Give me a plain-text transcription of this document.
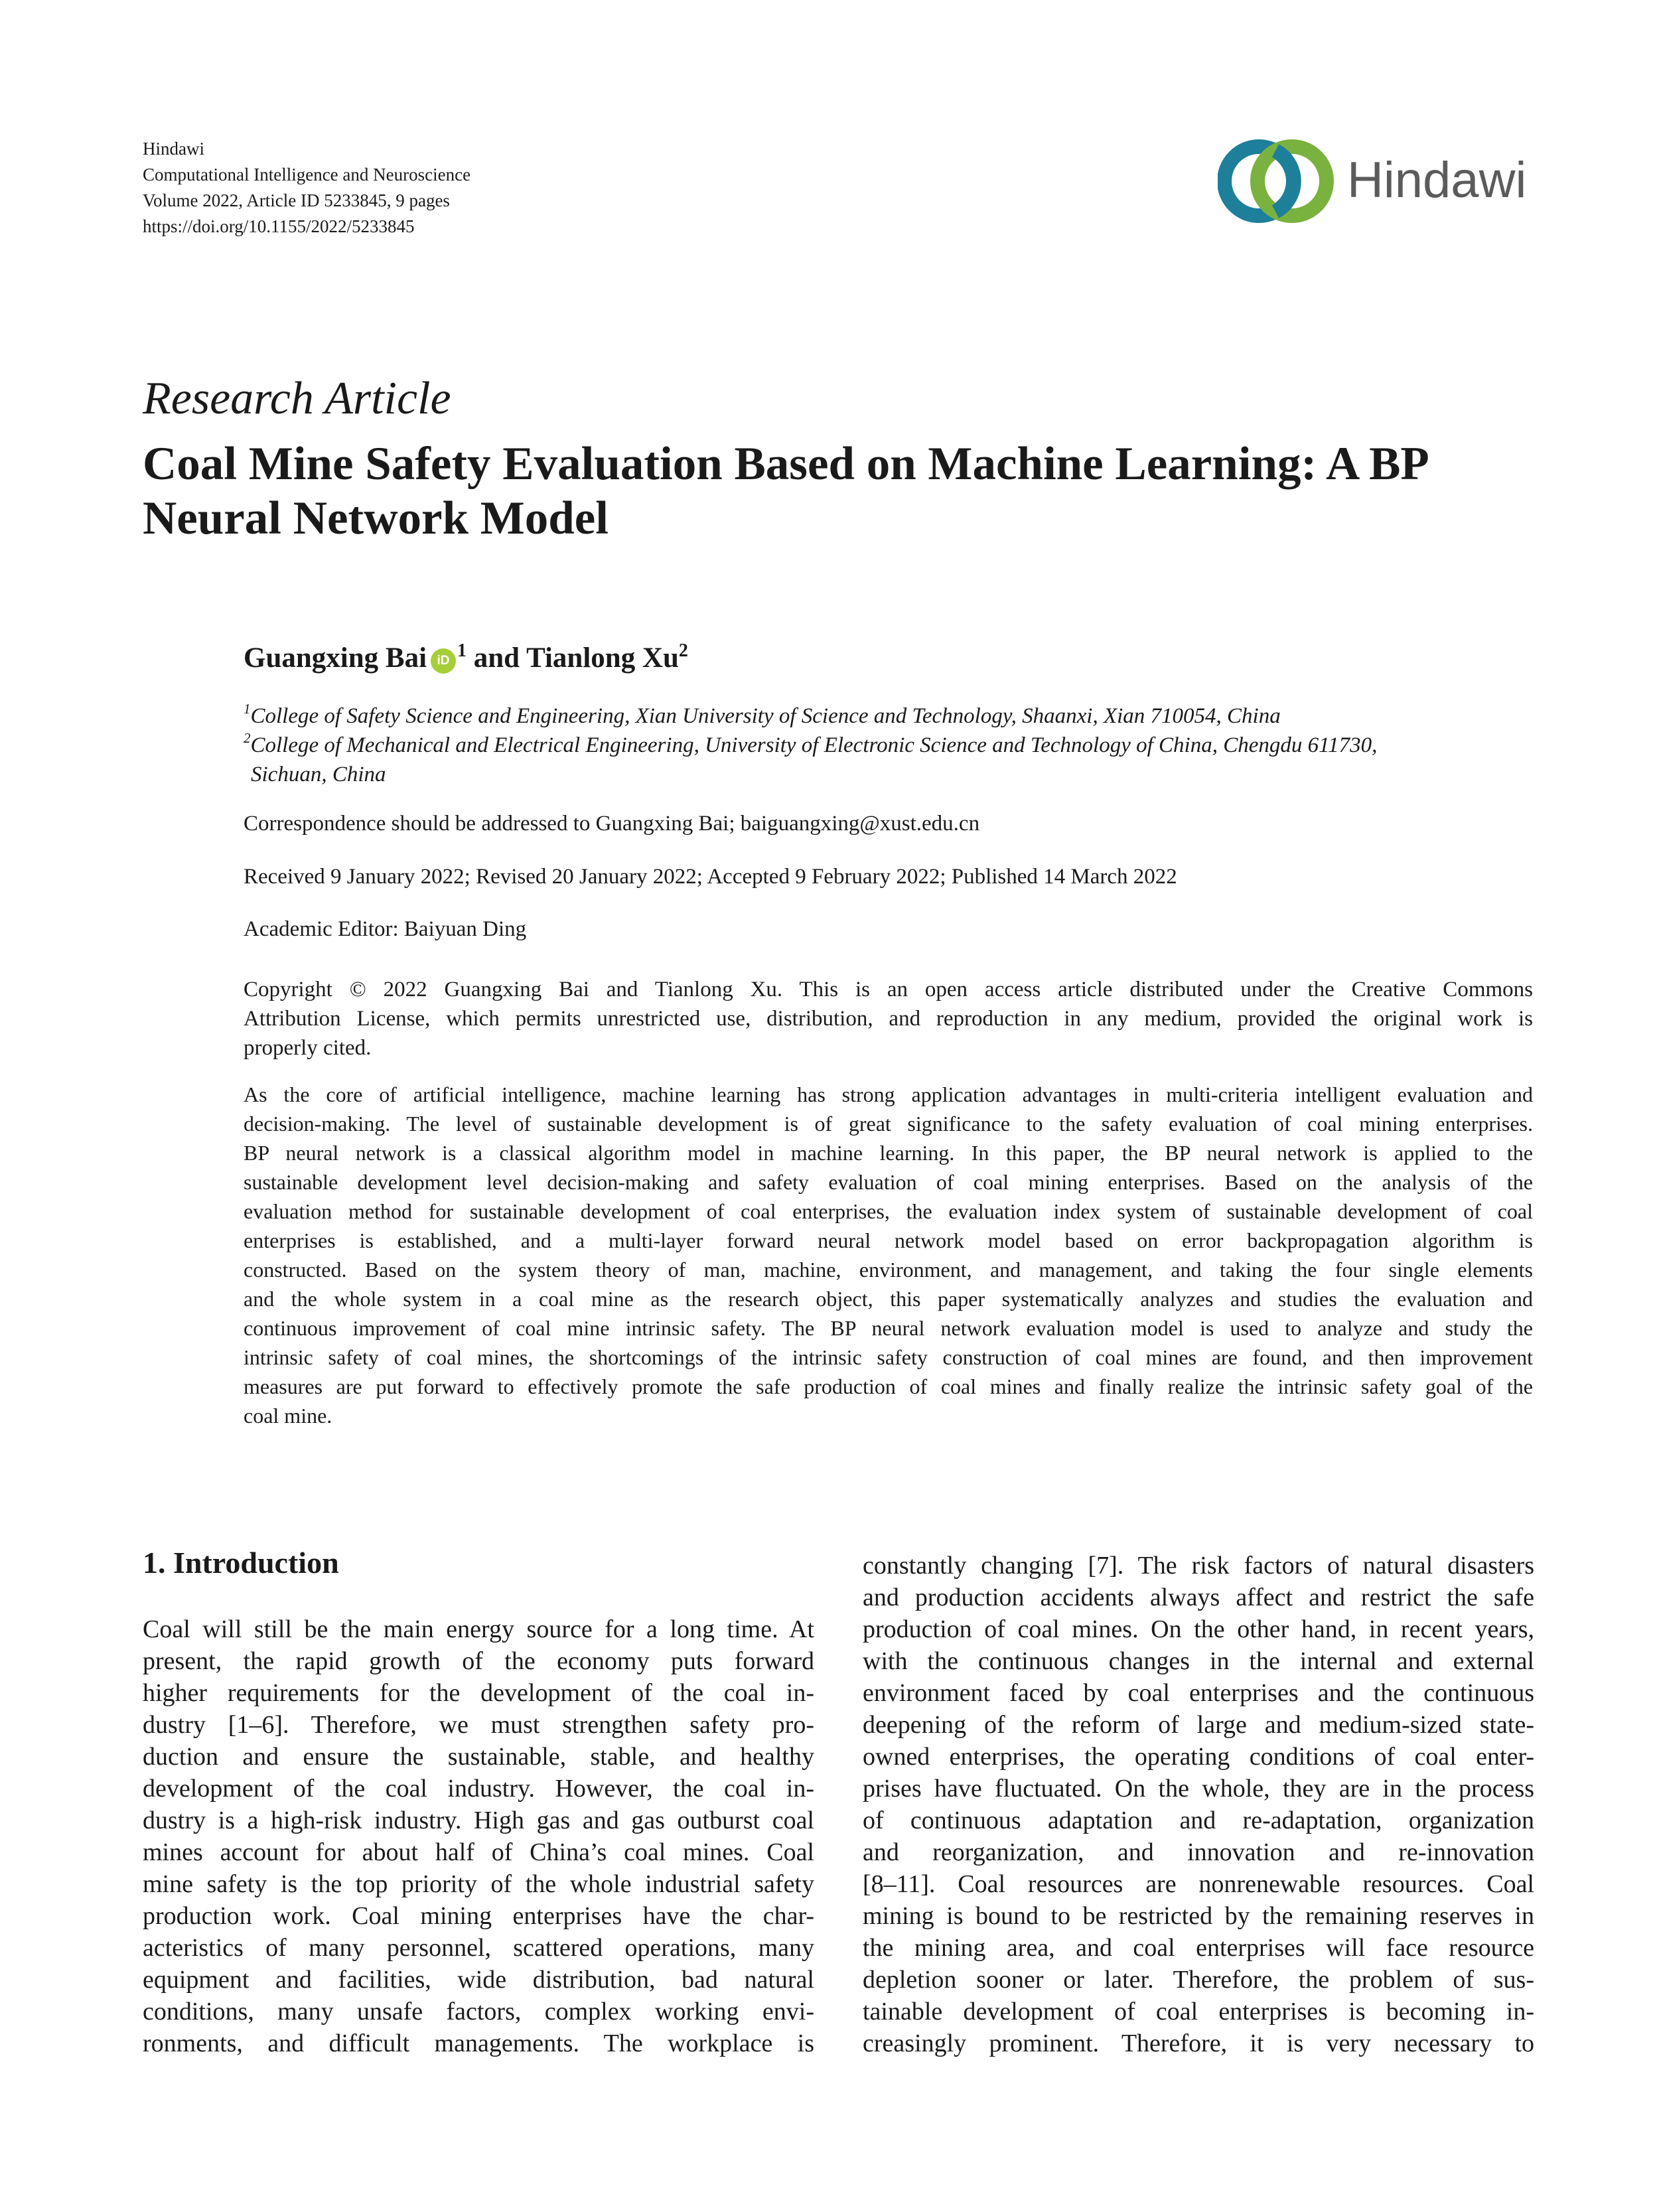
Hindawi
Computational Intelligence and Neuroscience
Volume 2022, Article ID 5233845, 9 pages
https://doi.org/10.1155/2022/5233845
Hindawi
Research Article
Coal Mine Safety Evaluation Based on Machine Learning: A BP
Neural Network Model
Guangxing Bai iD $^1$ and Tianlong Xu$^2$
$^1$College of Safety Science and Engineering, Xian University of Science and Technology, Shaanxi, Xian 710054, China
$^2$College of Mechanical and Electrical Engineering, University of Electronic Science and Technology of China, Chengdu 611730,
Sichuan, China
Correspondence should be addressed to Guangxing Bai; baiguangxing@xust.edu.cn
Received 9 January 2022; Revised 20 January 2022; Accepted 9 February 2022; Published 14 March 2022
Academic Editor: Baiyuan Ding
Copyright © 2022 Guangxing Bai and Tianlong Xu. This is an open access article distributed under the Creative Commons
Attribution License, which permits unrestricted use, distribution, and reproduction in any medium, provided the original work is
properly cited.
As the core of artificial intelligence, machine learning has strong application advantages in multi-criteria intelligent evaluation and
decision-making. The level of sustainable development is of great significance to the safety evaluation of coal mining enterprises.
BP neural network is a classical algorithm model in machine learning. In this paper, the BP neural network is applied to the
sustainable development level decision-making and safety evaluation of coal mining enterprises. Based on the analysis of the
evaluation method for sustainable development of coal enterprises, the evaluation index system of sustainable development of coal
enterprises is established, and a multi-layer forward neural network model based on error backpropagation algorithm is
constructed. Based on the system theory of man, machine, environment, and management, and taking the four single elements
and the whole system in a coal mine as the research object, this paper systematically analyzes and studies the evaluation and
continuous improvement of coal mine intrinsic safety. The BP neural network evaluation model is used to analyze and study the
intrinsic safety of coal mines, the shortcomings of the intrinsic safety construction of coal mines are found, and then improvement
measures are put forward to effectively promote the safe production of coal mines and finally realize the intrinsic safety goal of the
coal mine.
1. Introduction
Coal will still be the main energy source for a long time. At
present, the rapid growth of the economy puts forward
higher requirements for the development of the coal in-
dustry [1–6]. Therefore, we must strengthen safety pro-
duction and ensure the sustainable, stable, and healthy
development of the coal industry. However, the coal in-
dustry is a high-risk industry. High gas and gas outburst coal
mines account for about half of China’s coal mines. Coal
mine safety is the top priority of the whole industrial safety
production work. Coal mining enterprises have the char-
acteristics of many personnel, scattered operations, many
equipment and facilities, wide distribution, bad natural
conditions, many unsafe factors, complex working envi-
ronments, and difficult managements. The workplace is
constantly changing [7]. The risk factors of natural disasters
and production accidents always affect and restrict the safe
production of coal mines. On the other hand, in recent years,
with the continuous changes in the internal and external
environment faced by coal enterprises and the continuous
deepening of the reform of large and medium-sized state-
owned enterprises, the operating conditions of coal enter-
prises have fluctuated. On the whole, they are in the process
of continuous adaptation and re-adaptation, organization
and reorganization, and innovation and re-innovation
[8–11]. Coal resources are nonrenewable resources. Coal
mining is bound to be restricted by the remaining reserves in
the mining area, and coal enterprises will face resource
depletion sooner or later. Therefore, the problem of sus-
tainable development of coal enterprises is becoming in-
creasingly prominent. Therefore, it is very necessary to
